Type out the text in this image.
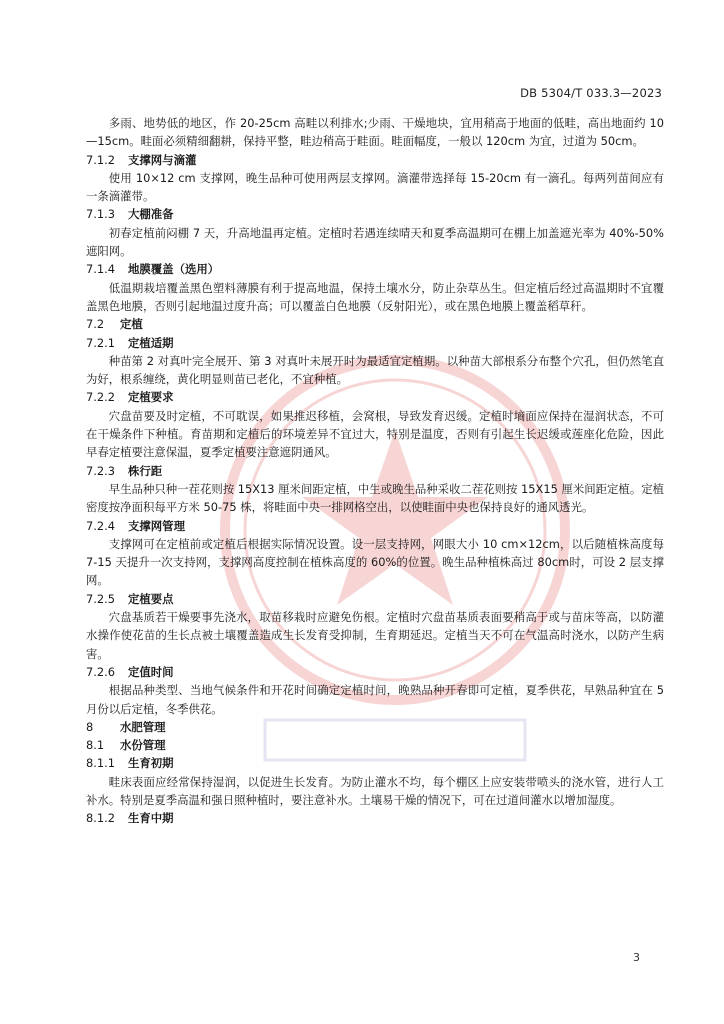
DB 5304/T 033.3—2023

多雨、地势低的地区，作 20-25cm 高畦以利排水;少雨、干燥地块，宜用稍高于地面的低畦，高出地面约 10—15cm。畦面必须精细翻耕，保持平整，畦边稍高于畦面。畦面幅度，一般以 120cm 为宜，过道为 50cm。

7.1.2 支撑网与滴灌

使用 10×12 cm 支撑网，晚生品种可使用两层支撑网。滴灌带选择每 15-20cm 有一滴孔。每两列苗间应有一条滴灌带。

7.1.3 大棚准备

初春定植前闷棚 7 天，升高地温再定植。定植时若遇连续晴天和夏季高温期可在棚上加盖遮光率为 40%-50%遮阳网。

7.1.4 地膜覆盖（选用）

低温期栽培覆盖黑色塑料薄膜有利于提高地温，保持土壤水分，防止杂草丛生。但定植后经过高温期时不宜覆盖黑色地膜，否则引起地温过度升高；可以覆盖白色地膜（反射阳光），或在黑色地膜上覆盖稻草秆。

7.2 定植
7.2.1 定植适期

种苗第 2 对真叶完全展开、第 3 对真叶未展开时为最适宜定植期。以种苗大部根系分布整个穴孔，但仍然笔直为好，根系缠绕，黄化明显则苗已老化，不宜种植。

7.2.2 定植要求

穴盘苗要及时定植，不可耽误，如果推迟移植，会窝根，导致发育迟缓。定植时墒面应保持在湿润状态，不可在干燥条件下种植。育苗期和定植后的环境差异不宜过大，特别是温度，否则有引起生长迟缓或莲座化危险，因此早春定植要注意保温，夏季定植要注意遮阴通风。

7.2.3 株行距

早生品种只种一茬花则按 15X13 厘米间距定植，中生或晚生品种采收二茬花则按 15X15 厘米间距定植。定植密度按净面积每平方米 50-75 株，将畦面中央一排网格空出，以使畦面中央也保持良好的通风透光。

7.2.4 支撑网管理

支撑网可在定植前或定植后根据实际情况设置。设一层支持网，网眼大小 10 cm×12cm，以后随植株高度每 7-15 天提升一次支持网，支撑网高度控制在植株高度的 60%的位置。晚生品种植株高过 80cm时，可设 2 层支撑网。

7.2.5 定植要点

穴盘基质若干燥要事先浇水，取苗移栽时应避免伤根。定植时穴盘苗基质表面要稍高于或与苗床等高，以防灌水操作使花苗的生长点被土壤覆盖造成生长发育受抑制，生育期延迟。定植当天不可在气温高时浇水，以防产生病害。

7.2.6 定值时间

根据品种类型、当地气候条件和开花时间确定定植时间，晚熟品种开春即可定植，夏季供花，早熟品种宜在 5 月份以后定植，冬季供花。

8 水肥管理
8.1 水份管理
8.1.1 生育初期

畦床表面应经常保持湿润，以促进生长发育。为防止灌水不均，每个棚区上应安装带喷头的浇水管，进行人工补水。特别是夏季高温和强日照种植时，要注意补水。土壤易干燥的情况下，可在过道间灌水以增加湿度。

8.1.2 生育中期
3
